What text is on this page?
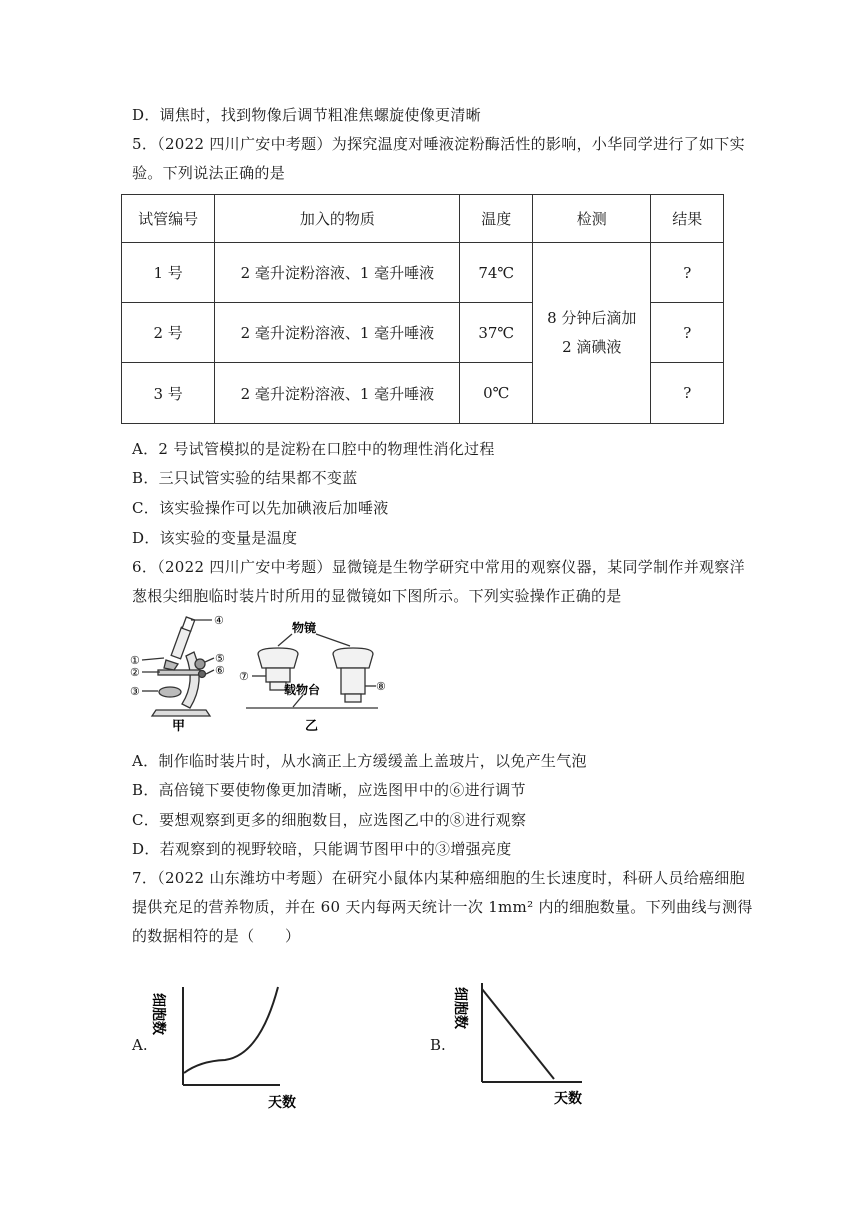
D．调焦时，找到物像后调节粗准焦螺旋使像更清晰
5．（2022 四川广安中考题）为探究温度对唾液淀粉酶活性的影响，小华同学进行了如下实
验。下列说法正确的是
试管编号	加入的物质	温度	检测	结果
1 号	2 毫升淀粉溶液、1 毫升唾液	74℃	8 分钟后滴加 2 滴碘液	?
2 号	2 毫升淀粉溶液、1 毫升唾液	37℃		?
3 号	2 毫升淀粉溶液、1 毫升唾液	0℃		?
A．2 号试管模拟的是淀粉在口腔中的物理性消化过程
B．三只试管实验的结果都不变蓝
C．该实验操作可以先加碘液后加唾液
D．该实验的变量是温度
6．（2022 四川广安中考题）显微镜是生物学研究中常用的观察仪器，某同学制作并观察洋
葱根尖细胞临时装片时所用的显微镜如下图所示。下列实验操作正确的是
①
②
③
④
⑤
⑥
甲
物镜
载物台
⑦
⑧
乙
A．制作临时装片时，从水滴正上方缓缓盖上盖玻片，以免产生气泡
B．高倍镜下要使物像更加清晰，应选图甲中的⑥进行调节
C．要想观察到更多的细胞数目，应选图乙中的⑧进行观察
D．若观察到的视野较暗，只能调节图甲中的③增强亮度
7．（2022 山东潍坊中考题）在研究小鼠体内某种癌细胞的生长速度时，科研人员给癌细胞
提供充足的营养物质，并在 60 天内每两天统计一次 1mm² 内的细胞数量。下列曲线与测得
的数据相符的是（　　）
A.
细胞数
天数
B.
细胞数
天数
